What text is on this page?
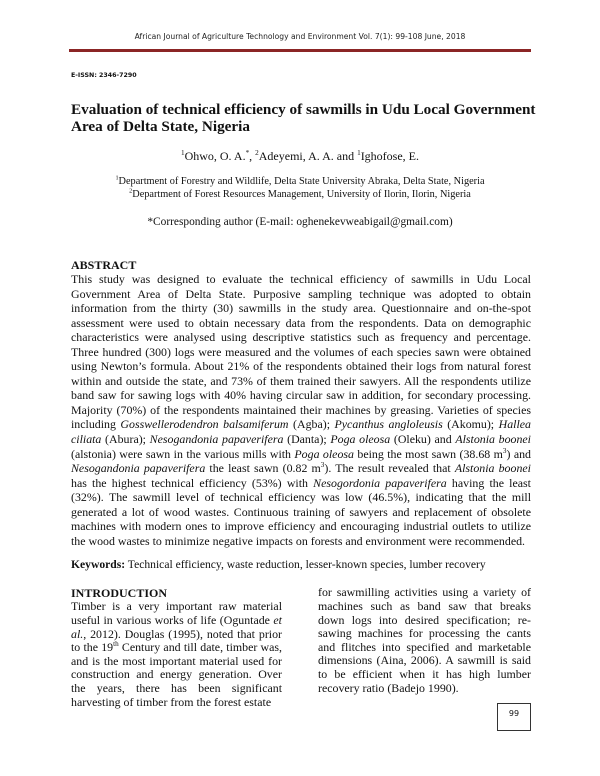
African Journal of Agriculture Technology and Environment Vol. 7(1): 99-108 June, 2018
E-ISSN: 2346-7290
Evaluation of technical efficiency of sawmills in Udu Local Government Area of Delta State, Nigeria
$^1$Ohwo, O. A.*, $^2$Adeyemi, A. A. and $^1$Ighofose, E.
$^1$Department of Forestry and Wildlife, Delta State University Abraka, Delta State, Nigeria
$^2$Department of Forest Resources Management, University of Ilorin, Ilorin, Nigeria
*Corresponding author (E-mail: oghenekevweabigail@gmail.com)
ABSTRACT

This study was designed to evaluate the technical efficiency of sawmills in Udu Local Government Area of Delta State. Purposive sampling technique was adopted to obtain information from the thirty (30) sawmills in the study area. Questionnaire and on-the-spot assessment were used to obtain necessary data from the respondents. Data on demographic characteristics were analysed using descriptive statistics such as frequency and percentage. Three hundred (300) logs were measured and the volumes of each species sawn were obtained using Newton’s formula. About 21% of the respondents obtained their logs from natural forest within and outside the state, and 73% of them trained their sawyers. All the respondents utilize band saw for sawing logs with 40% having circular saw in addition, for secondary processing. Majority (70%) of the respondents maintained their machines by greasing. Varieties of species including Gosswellerodendron balsamiferum (Agba); Pycanthus angloleusis (Akomu); Hallea ciliata (Abura); Nesogandonia papaverifera (Danta); Poga oleosa (Oleku) and Alstonia boonei (alstonia) were sawn in the various mills with Poga oleosa being the most sawn (38.68 $m^3$) and Nesogandonia papaverifera the least sawn (0.82 $m^3$). The result revealed that Alstonia boonei has the highest technical efficiency (53%) with Nesogordonia papaverifera having the least (32%). The sawmill level of technical efficiency was low (46.5%), indicating that the mill generated a lot of wood wastes. Continuous training of sawyers and replacement of obsolete machines with modern ones to improve efficiency and encouraging industrial outlets to utilize the wood wastes to minimize negative impacts on forests and environment were recommended.

Keywords: Technical efficiency, waste reduction, lesser-known species, lumber recovery
INTRODUCTION

Timber is a very important raw material useful in various works of life (Oguntade et al., 2012). Douglas (1995), noted that prior to the 19th Century and till date, timber was, and is the most important material used for construction and energy generation. Over the years, there has been significant harvesting of timber from the forest estate

for sawmilling activities using a variety of machines such as band saw that breaks down logs into desired specification; re-sawing machines for processing the cants and flitches into specified and marketable dimensions (Aina, 2006). A sawmill is said to be efficient when it has high lumber recovery ratio (Badejo 1990).

99
